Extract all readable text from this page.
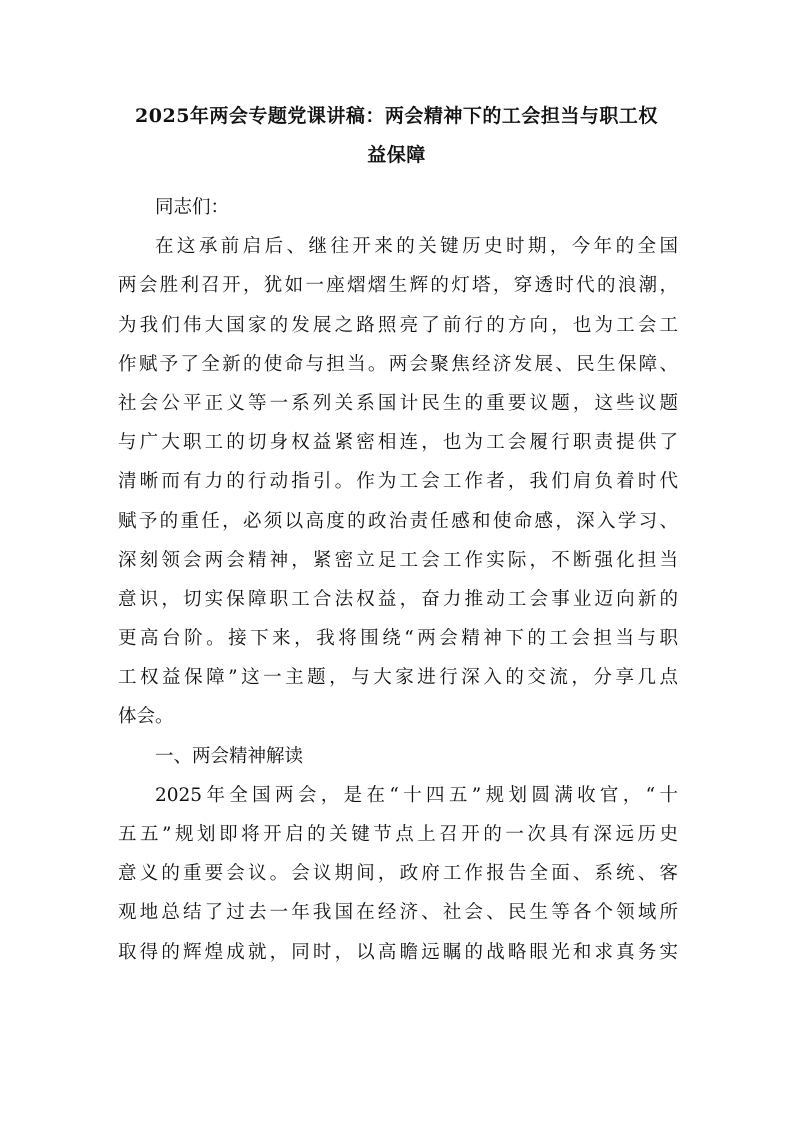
2025年两会专题党课讲稿：两会精神下的工会担当与职工权
益保障
同志们：
在这承前启后、继往开来的关键历史时期，今年的全国
两会胜利召开，犹如一座熠熠生辉的灯塔，穿透时代的浪潮，
为我们伟大国家的发展之路照亮了前行的方向，也为工会工
作赋予了全新的使命与担当。两会聚焦经济发展、民生保障、
社会公平正义等一系列关系国计民生的重要议题，这些议题
与广大职工的切身权益紧密相连，也为工会履行职责提供了
清晰而有力的行动指引。作为工会工作者，我们肩负着时代
赋予的重任，必须以高度的政治责任感和使命感，深入学习、
深刻领会两会精神，紧密立足工会工作实际，不断强化担当
意识，切实保障职工合法权益，奋力推动工会事业迈向新的
更高台阶。接下来，我将围绕“两会精神下的工会担当与职
工权益保障”这一主题，与大家进行深入的交流，分享几点
体会。
一、两会精神解读
2025年全国两会，是在“十四五”规划圆满收官，“十
五五”规划即将开启的关键节点上召开的一次具有深远历史
意义的重要会议。会议期间，政府工作报告全面、系统、客
观地总结了过去一年我国在经济、社会、民生等各个领域所
取得的辉煌成就，同时，以高瞻远瞩的战略眼光和求真务实
